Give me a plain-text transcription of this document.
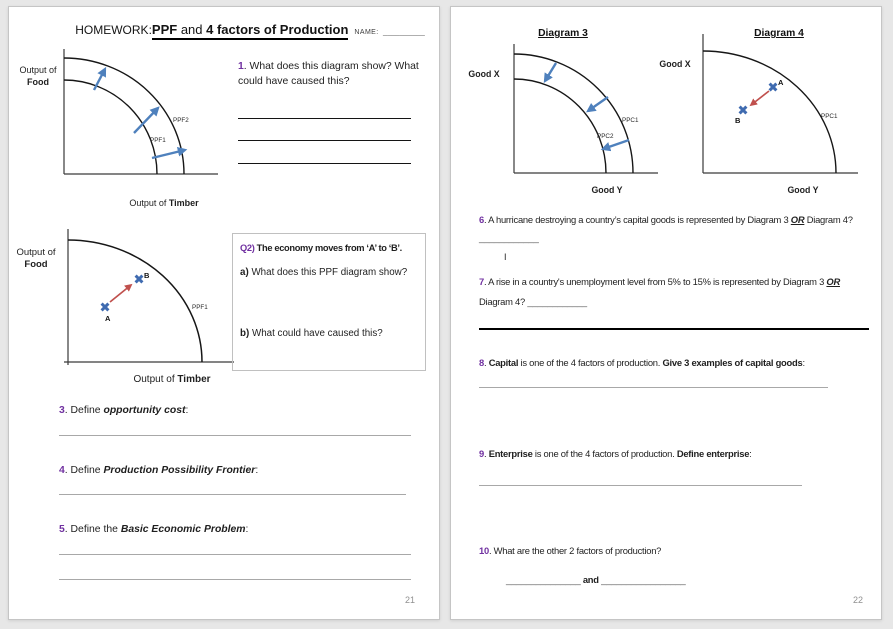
HOMEWORK:PPF and 4 factors of Production NAME: __________
Output of
Food
PPF2
PPF1
Output of Timber
1. What does this diagram show? What could have caused this?
Output of
Food
A
B
PPF1
Output of Timber
Q2) The economy moves from ‘A’ to ‘B’.
a) What does this PPF diagram show?
b) What could have caused this?
3. Define opportunity cost:
4. Define Production Possibility Frontier:
5. Define the Basic Economic Problem:
21
Diagram 3
Good X
PPC1
PPC2
Good Y
Diagram 4
Good X
A
B	PPC1
Good Y
6. A hurricane destroying a country’s capital goods is represented by Diagram 3 OR Diagram 4?
____________
I
7. A rise in a country's unemployment level from 5% to 15% is represented by Diagram 3 OR
Diagram 4? ____________
8. Capital is one of the 4 factors of production. Give 3 examples of capital goods:
9. Enterprise is one of the 4 factors of production. Define enterprise:
10. What are the other 2 factors of production?
_______________ and _________________
22
